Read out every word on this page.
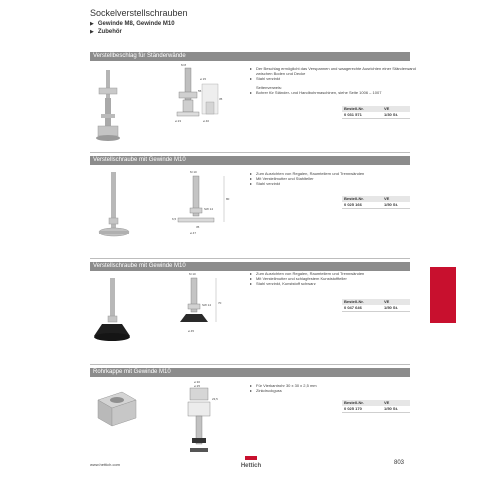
Sockelverstellschrauben
▶ Gewinde M8, Gewinde M10
▶ Zubehör
Verstellbeschlag für Ständerwände
M 8
ø 15
ø 23	ø 40
55
35
▸ Der Beschlag ermöglicht das Verspannen und waagerechte Ausrichten einer Ständerwand zwischen Boden und Decke
▸ Stahl verzinkt
Seitenverweis:
▸ Bohrer für Ständer- und Handbohrmaschinen, siehe Seite 1006 – 1007
Bestell-Nr.	VE
0 031 571	1/30 St.
Verstellschraube mit Gewinde M10
M 10
SW 14
80
6,5
35
ø 47
▸ Zum Ausrichten von Regalen, Raumteilern und Trennwänden
▸ Mit Verstellmutter und Stahlteller
▸ Stahl verzinkt
Bestell-Nr.	VE
0 025 166	1/50 St.
Verstellschraube mit Gewinde M10
M 10
SW 14 70
ø 45
▸ Zum Ausrichten von Regalen, Raumteilern und Trennwänden
▸ Mit Verstellmutter und schlagfestem Kunststoffteller
▸ Stahl verzinkt, Kunststoff schwarz
Bestell-Nr.	VE
0 047 646	1/50 St.
Rohrkappe mit Gewinde M10
ø 30
ø 25
23,5
▸ Für Vierkantrohr 30 x 30 x 2,5 mm
▸ Zinkdruckguss
Bestell-Nr.	VE
0 025 170	1/50 St.
www.hettich.com	Hettich	803
